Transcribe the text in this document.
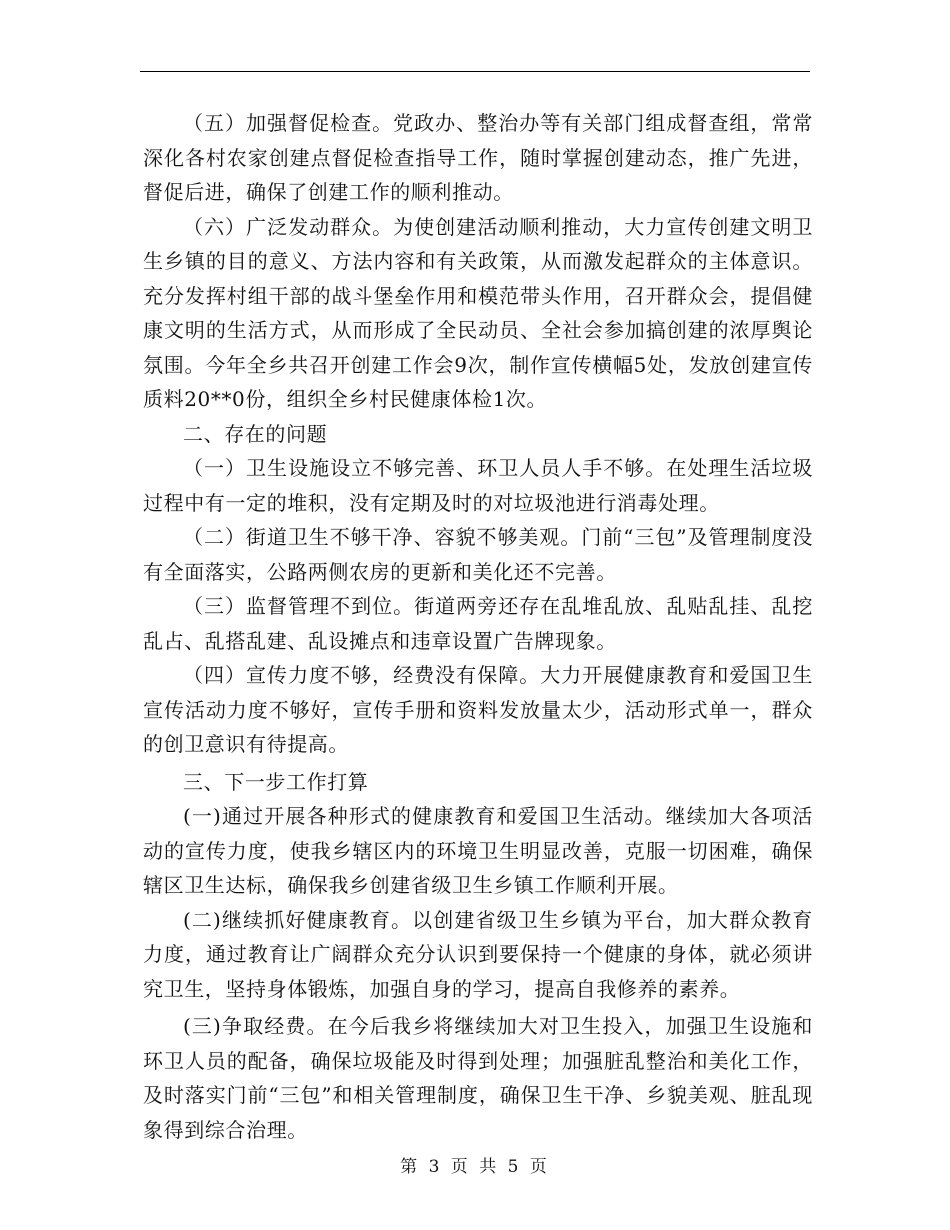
（五）加强督促检查。党政办、整治办等有关部门组成督查组，常常深化各村农家创建点督促检查指导工作，随时掌握创建动态，推广先进，督促后进，确保了创建工作的顺利推动。

（六）广泛发动群众。为使创建活动顺利推动，大力宣传创建文明卫生乡镇的目的意义、方法内容和有关政策，从而激发起群众的主体意识。充分发挥村组干部的战斗堡垒作用和模范带头作用，召开群众会，提倡健康文明的生活方式，从而形成了全民动员、全社会参加搞创建的浓厚舆论氛围。今年全乡共召开创建工作会9次，制作宣传横幅5处，发放创建宣传质料20**0份，组织全乡村民健康体检1次。

二、存在的问题

（一）卫生设施设立不够完善、环卫人员人手不够。在处理生活垃圾过程中有一定的堆积，没有定期及时的对垃圾池进行消毒处理。

（二）街道卫生不够干净、容貌不够美观。门前“三包”及管理制度没有全面落实，公路两侧农房的更新和美化还不完善。

（三）监督管理不到位。街道两旁还存在乱堆乱放、乱贴乱挂、乱挖乱占、乱搭乱建、乱设摊点和违章设置广告牌现象。

（四）宣传力度不够，经费没有保障。大力开展健康教育和爱国卫生宣传活动力度不够好，宣传手册和资料发放量太少，活动形式单一，群众的创卫意识有待提高。

三、下一步工作打算

(一)通过开展各种形式的健康教育和爱国卫生活动。继续加大各项活动的宣传力度，使我乡辖区内的环境卫生明显改善，克服一切困难，确保辖区卫生达标，确保我乡创建省级卫生乡镇工作顺利开展。

(二)继续抓好健康教育。以创建省级卫生乡镇为平台，加大群众教育力度，通过教育让广阔群众充分认识到要保持一个健康的身体，就必须讲究卫生，坚持身体锻炼，加强自身的学习，提高自我修养的素养。

(三)争取经费。在今后我乡将继续加大对卫生投入，加强卫生设施和环卫人员的配备，确保垃圾能及时得到处理；加强脏乱整治和美化工作，及时落实门前“三包”和相关管理制度，确保卫生干净、乡貌美观、脏乱现象得到综合治理。

第 3 页 共 5 页
